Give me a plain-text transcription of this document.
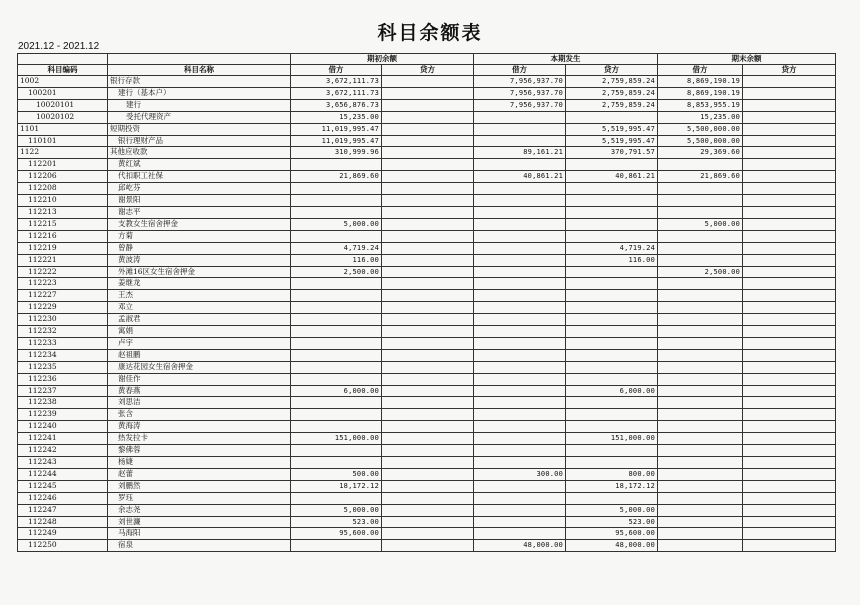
科目余额表
2021.12 - 2021.12
		期初余额		本期发生		期末余额	
科目编码	科目名称	借方	贷方	借方	贷方	借方	贷方
1002	银行存款	3,672,111.73		7,956,937.70	2,759,859.24	8,869,190.19	
100201	建行（基本户）	3,672,111.73		7,956,937.70	2,759,859.24	8,869,190.19	
10020101	建行	3,656,876.73		7,956,937.70	2,759,859.24	8,853,955.19	
10020102	受托代理资产	15,235.00				15,235.00	
1101	短期投资	11,019,995.47			5,519,995.47	5,500,000.00	
110101	银行理财产品	11,019,995.47			5,519,995.47	5,500,000.00	
1122	其他应收款	310,999.96		89,161.21	370,791.57	29,369.60	
112201	黄红斌						
112206	代扣职工社保	21,869.60		40,861.21	40,861.21	21,869.60	
112208	邱屹芬						
112210	谢景阳						
112213	谢志平						
112215	支教女生宿舍押金	5,000.00				5,000.00	
112216	方菊						
112219	曾静	4,719.24			4,719.24		
112221	黄波涛	116.00			116.00		
112222	外滩16区女生宿舍押金	2,500.00				2,500.00	
112223	姜继龙						
112227	王杰						
112229	邓立						
112230	孟淑君						
112232	寓娟						
112233	卢宇						
112234	赵祖鹏						
112235	康达花园女生宿舍押金						
112236	谢佳作						
112237	黄春燕	6,000.00			6,000.00		
112238	刘思洁						
112239	张含						
112240	黄海涛						
112241	热发拉卡	151,000.00			151,000.00		
112242	黎佛蓉						
112243	杨婕						
112244	赵蕾	500.00		300.00	800.00		
112245	刘鹏然	18,172.12			18,172.12		
112246	罗珏						
112247	余志尧	5,000.00			5,000.00		
112248	刘世濂	523.00			523.00		
112249	马海阳	95,600.00			95,600.00		
112250	宿泉			48,000.00	48,000.00		
